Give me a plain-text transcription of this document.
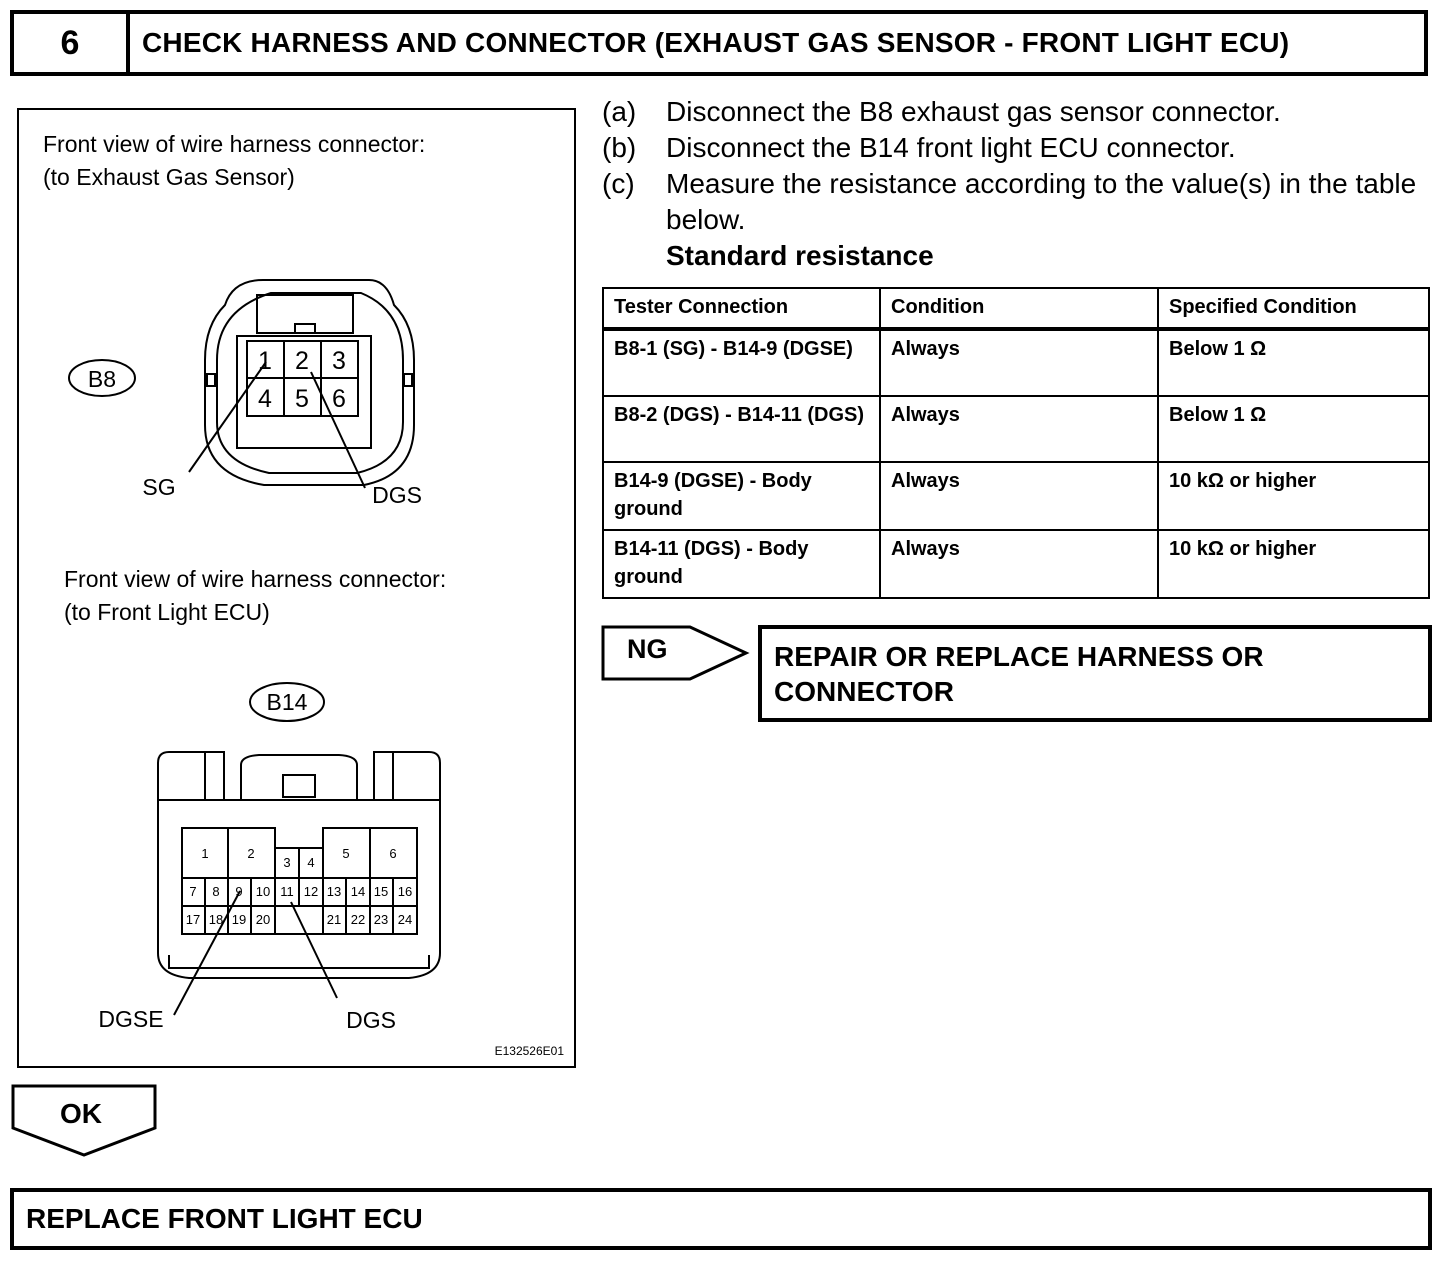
6	CHECK HARNESS AND CONNECTOR (EXHAUST GAS SENSOR - FRONT LIGHT ECU)
Front view of wire harness connector:
(to Exhaust Gas Sensor)
Front view of wire harness connector:
(to Front Light ECU)
B8
1 2 3
4 5 6
SG	DGS
B14
1	2	5	6
3 4
7 8 9 10 11 12 13 14 15 16
17 18 19 20	21 22 23 24
DGSE	DGS
E132526E01
(a)	Disconnect the B8 exhaust gas sensor connector.
(b)	Disconnect the B14 front light ECU connector.
(c)	Measure the resistance according to the value(s) in the table below.
Standard resistance
Tester Connection	Condition	Specified Condition
B8-1 (SG) - B14-9 (DGSE)	Always	Below 1 Ω
B8-2 (DGS) - B14-11 (DGS)	Always	Below 1 Ω
B14-9 (DGSE) - Body ground	Always	10 kΩ or higher
B14-11 (DGS) - Body ground	Always	10 kΩ or higher
NG	REPAIR OR REPLACE HARNESS OR CONNECTOR
OK
REPLACE FRONT LIGHT ECU
